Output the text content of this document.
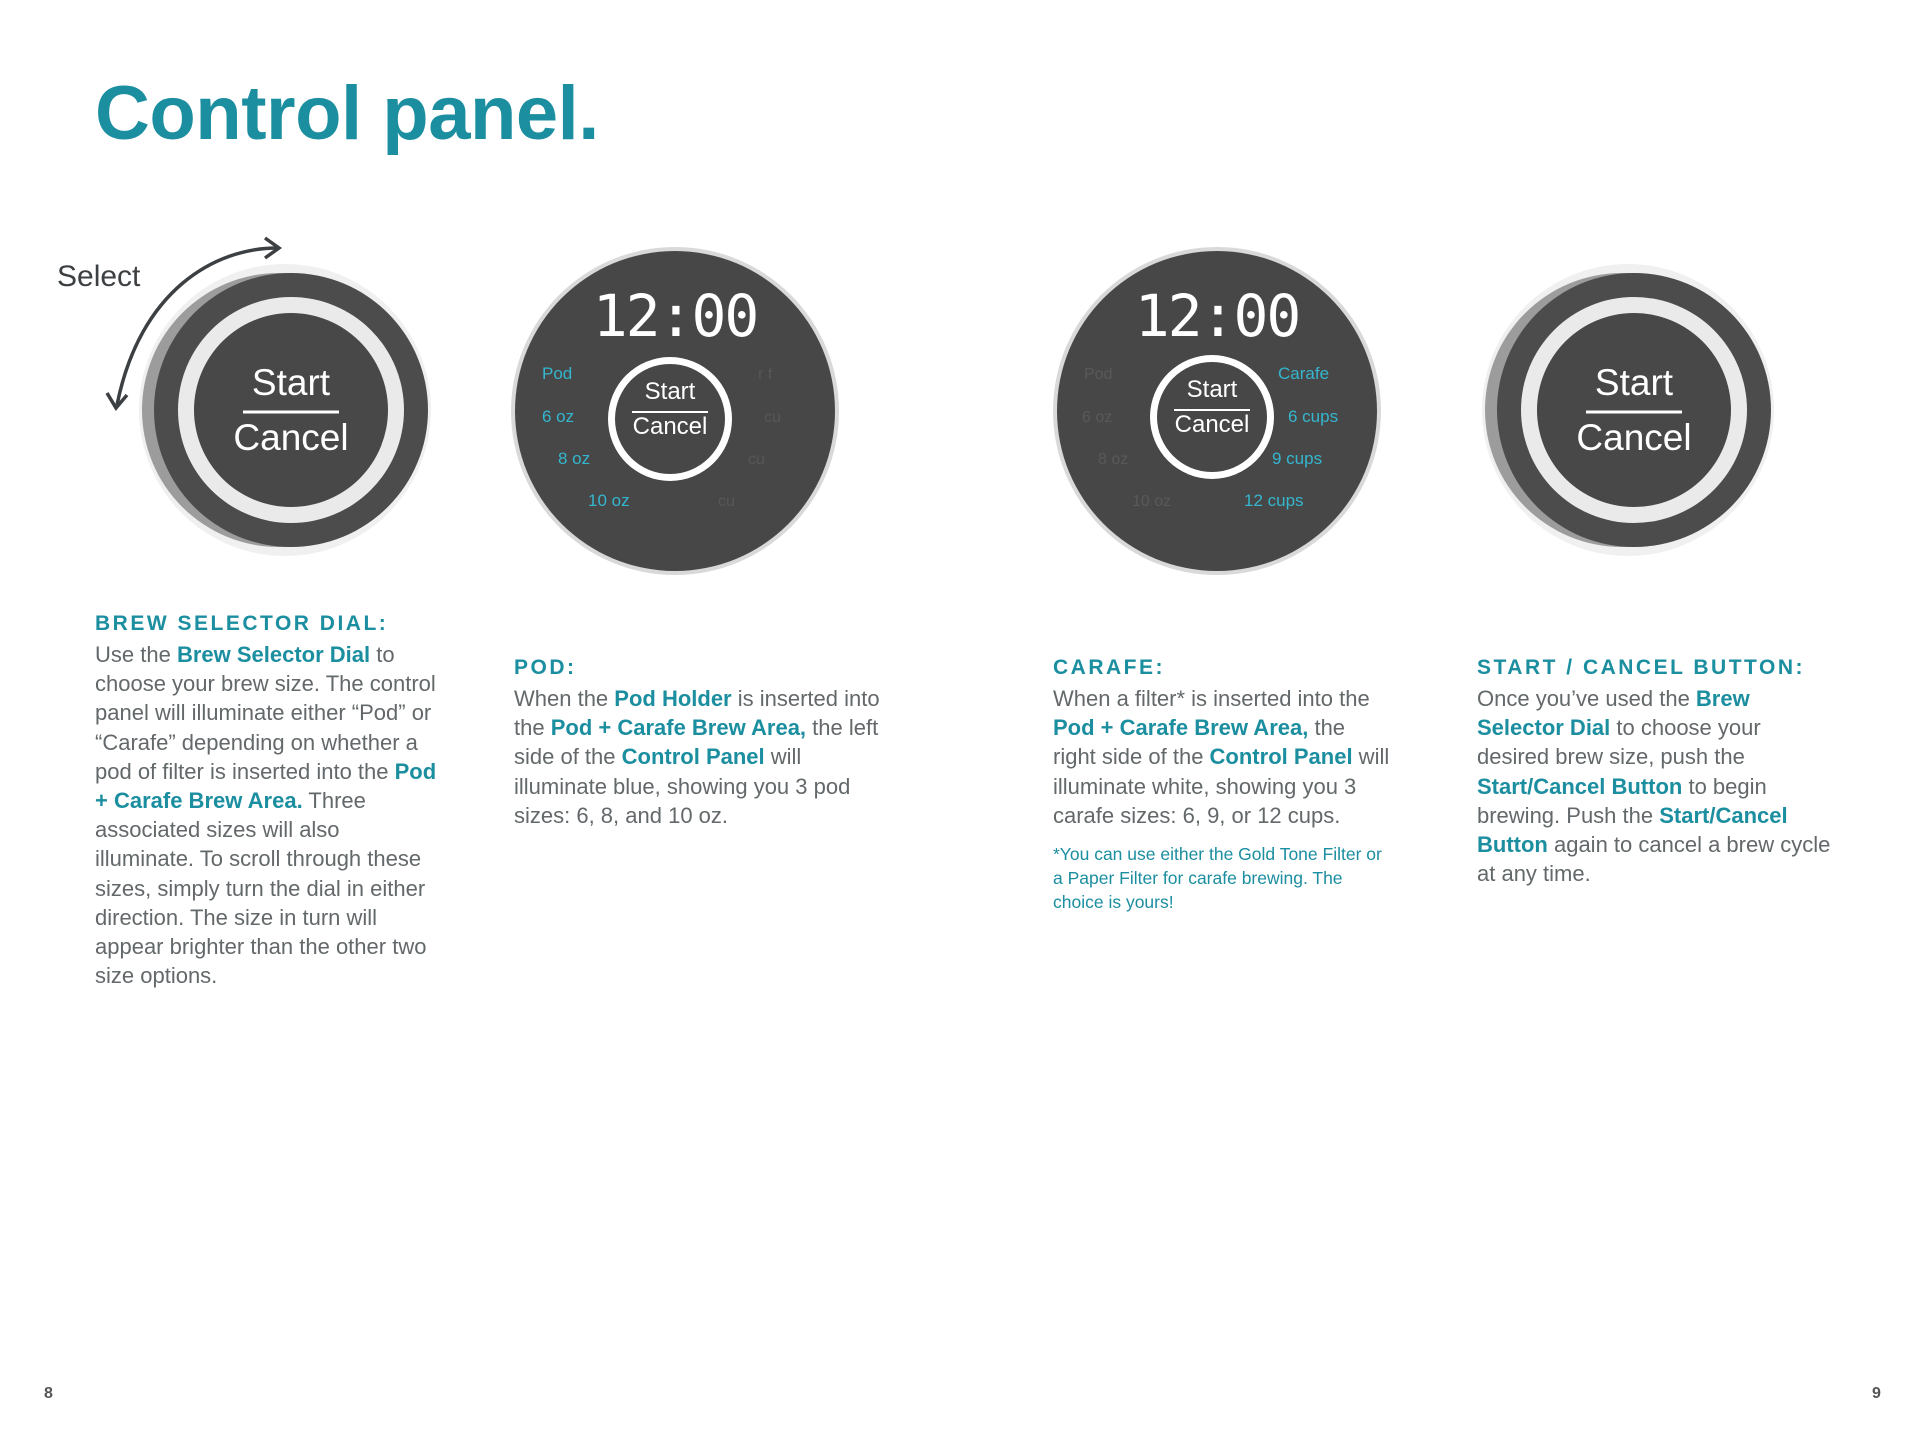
Control panel.
Select
Start
Cancel
12:00
Start
Cancel
Pod
6 oz
8 oz
10 oz
r f
cu
cu
cu
12:00
Start
Cancel
Pod
6 oz
8 oz
10 oz
Carafe
6 cups
9 cups
12 cups
Start
Cancel
BREW SELECTOR DIAL:

Use the Brew Selector Dial to choose your brew size. The control panel will illuminate either “Pod” or “Carafe” depending on whether a pod of filter is inserted into the Pod + Carafe Brew Area. Three associated sizes will also illuminate. To scroll through these sizes, simply turn the dial in either direction. The size in turn will appear brighter than the other two size options.

POD:

When the Pod Holder is inserted into the Pod + Carafe Brew Area, the left side of the Control Panel will illuminate blue, showing you 3 pod sizes: 6, 8, and 10 oz.

CARAFE:

When a filter* is inserted into the Pod + Carafe Brew Area, the right side of the Control Panel will illuminate white, showing you 3 carafe sizes: 6, 9, or 12 cups.

*You can use either the Gold Tone Filter or a Paper Filter for carafe brewing. The choice is yours!
START / CANCEL BUTTON:

Once you’ve used the Brew Selector Dial to choose your desired brew size, push the Start/Cancel Button to begin brewing. Push the Start/Cancel Button again to cancel a brew cycle at any time.

8	9
